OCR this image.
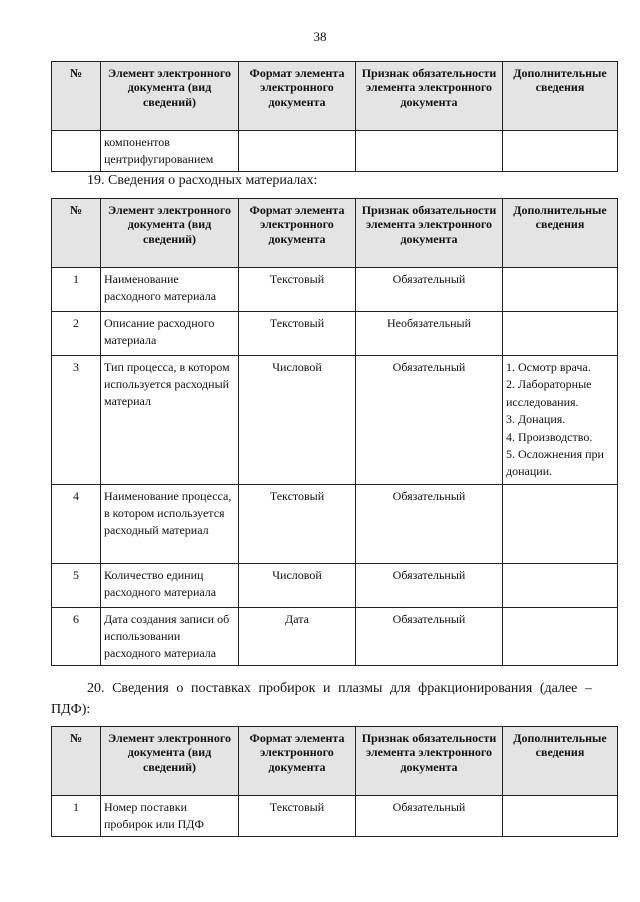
38
№	Элемент электронного документа (вид сведений)	Формат элемента электронного документа	Признак обязательности элемента электронного документа	Дополнительные сведения
	компонентов центрифугированием			
19. Сведения о расходных материалах:
№	Элемент электронного документа (вид сведений)	Формат элемента электронного документа	Признак обязательности элемента электронного документа	Дополнительные сведения
1	Наименование расходного материала	Текстовый	Обязательный	
2	Описание расходного материала	Текстовый	Необязательный	
3	Тип процесса, в котором используется расходный материал	Числовой	Обязательный	1. Осмотр врача.
2. Лабораторные исследования.
3. Донация.
4. Производство.
5. Осложнения при донации.

4	Наименование процесса, в котором используется расходный материал	Текстовый	Обязательный	
5	Количество единиц расходного материала	Числовой	Обязательный	
6	Дата создания записи об использовании расходного материала	Дата	Обязательный	
20. Сведения о поставках пробирок и плазмы для фракционирования (далее – ПДФ):
№	Элемент электронного документа (вид сведений)	Формат элемента электронного документа	Признак обязательности элемента электронного документа	Дополнительные сведения
1	Номер поставки пробирок или ПДФ	Текстовый	Обязательный	
